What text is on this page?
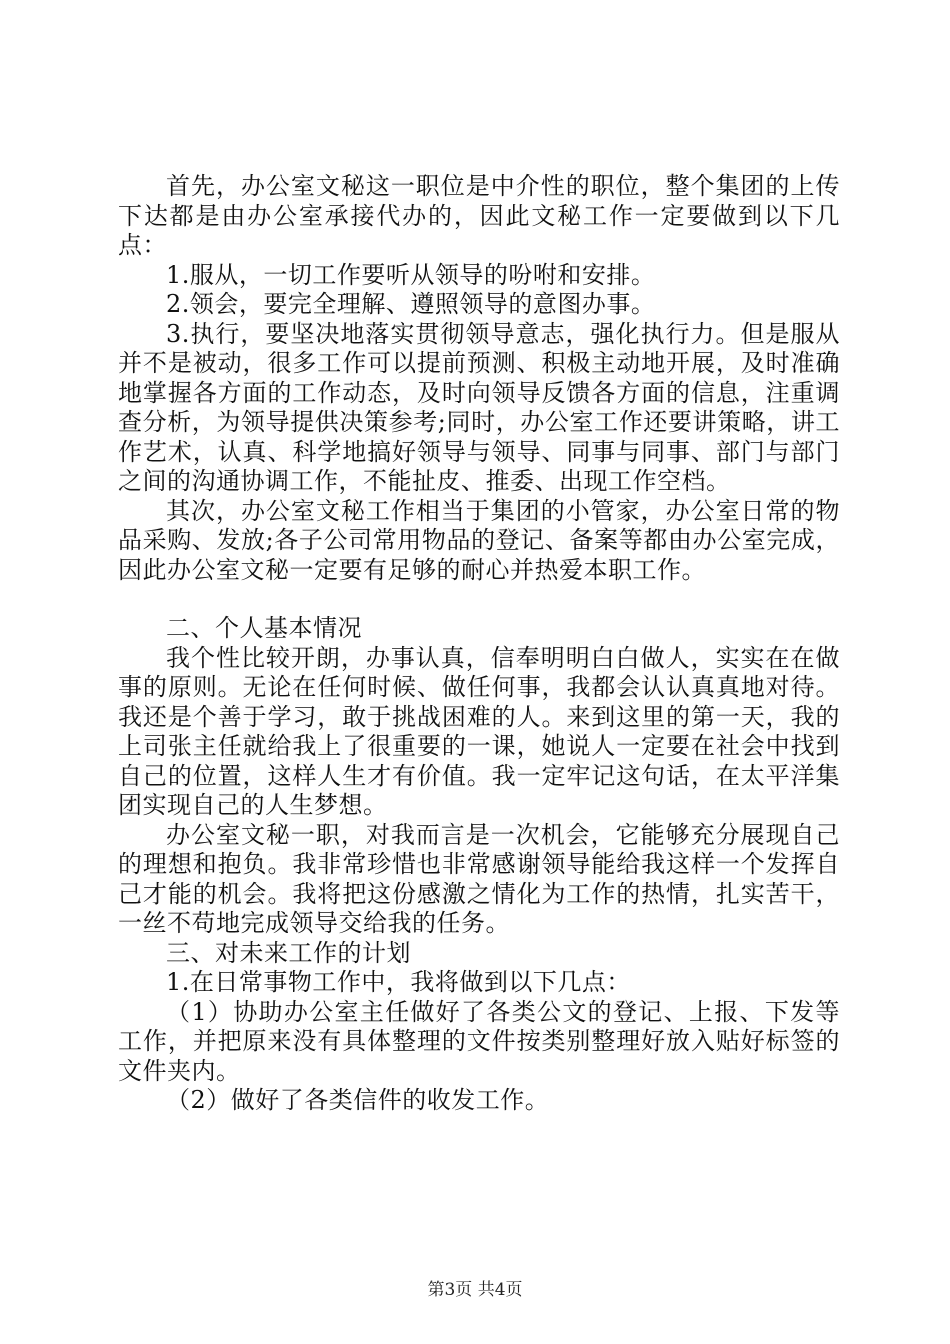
首先，办公室文秘这一职位是中介性的职位，整个集团的上传下达都是由办公室承接代办的，因此文秘工作一定要做到以下几点：

1.服从，一切工作要听从领导的吩咐和安排。

2.领会，要完全理解、遵照领导的意图办事。

3.执行，要坚决地落实贯彻领导意志，强化执行力。但是服从并不是被动，很多工作可以提前预测、积极主动地开展，及时准确地掌握各方面的工作动态，及时向领导反馈各方面的信息，注重调查分析，为领导提供决策参考;同时，办公室工作还要讲策略，讲工作艺术，认真、科学地搞好领导与领导、同事与同事、部门与部门之间的沟通协调工作，不能扯皮、推委、出现工作空档。

其次，办公室文秘工作相当于集团的小管家，办公室日常的物品采购、发放;各子公司常用物品的登记、备案等都由办公室完成，因此办公室文秘一定要有足够的耐心并热爱本职工作。

二、个人基本情况

我个性比较开朗，办事认真，信奉明明白白做人，实实在在做事的原则。无论在任何时候、做任何事，我都会认认真真地对待。我还是个善于学习，敢于挑战困难的人。来到这里的第一天，我的上司张主任就给我上了很重要的一课，她说人一定要在社会中找到自己的位置，这样人生才有价值。我一定牢记这句话，在太平洋集团实现自己的人生梦想。

办公室文秘一职，对我而言是一次机会，它能够充分展现自己的理想和抱负。我非常珍惜也非常感谢领导能给我这样一个发挥自己才能的机会。我将把这份感激之情化为工作的热情，扎实苦干，一丝不苟地完成领导交给我的任务。

三、对未来工作的计划

1.在日常事物工作中，我将做到以下几点：

（1）协助办公室主任做好了各类公文的登记、上报、下发等工作，并把原来没有具体整理的文件按类别整理好放入贴好标签的文件夹内。

（2）做好了各类信件的收发工作。

第3页 共4页
